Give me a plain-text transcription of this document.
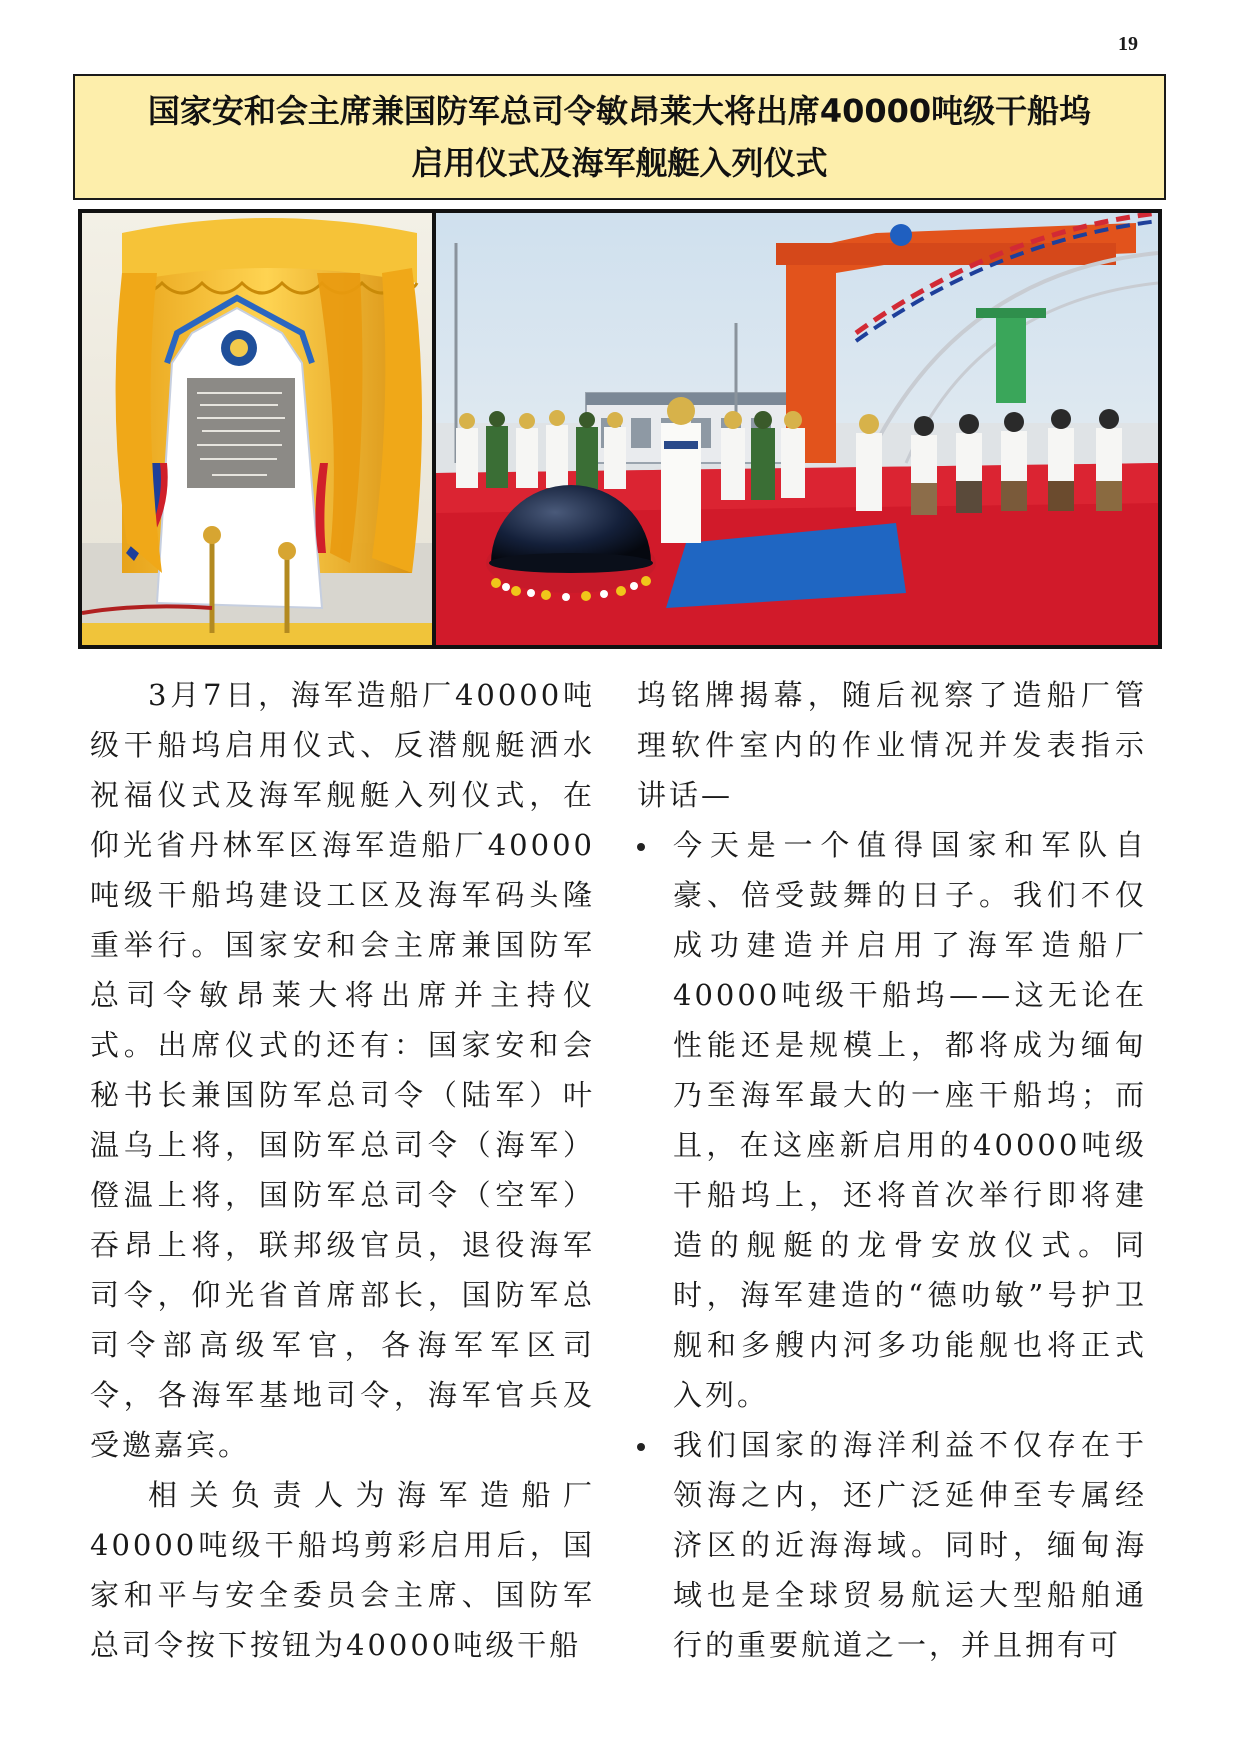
19
国家安和会主席兼国防军总司令敏昂莱大将出席40000吨级干船坞
启用仪式及海军舰艇入列仪式

3月7日，海军造船厂40000吨级干船坞启用仪式、反潜舰艇洒水祝福仪式及海军舰艇入列仪式，在仰光省丹林军区海军造船厂40000吨级干船坞建设工区及海军码头隆重举行。国家安和会主席兼国防军总司令敏昂莱大将出席并主持仪式。出席仪式的还有：国家安和会秘书长兼国防军总司令（陆军）叶温乌上将，国防军总司令（海军）僜温上将，国防军总司令（空军）吞昂上将，联邦级官员，退役海军司令，仰光省首席部长，国防军总司令部高级军官，各海军军区司令，各海军基地司令，海军官兵及受邀嘉宾。

相关负责人为海军造船厂40000吨级干船坞剪彩启用后，国家和平与安全委员会主席、国防军总司令按下按钮为40000吨级干船

坞铭牌揭幕，随后视察了造船厂管理软件室内的作业情况并发表指示讲话—

今天是一个值得国家和军队自豪、倍受鼓舞的日子。我们不仅成功建造并启用了海军造船厂40000吨级干船坞——这无论在性能还是规模上，都将成为缅甸乃至海军最大的一座干船坞；而且，在这座新启用的40000吨级干船坞上，还将首次举行即将建造的舰艇的龙骨安放仪式。同时，海军建造的“德叻敏”号护卫舰和多艘内河多功能舰也将正式入列。
我们国家的海洋利益不仅存在于领海之内，还广泛延伸至专属经济区的近海海域。同时，缅甸海域也是全球贸易航运大型船舶通行的重要航道之一，并且拥有可
